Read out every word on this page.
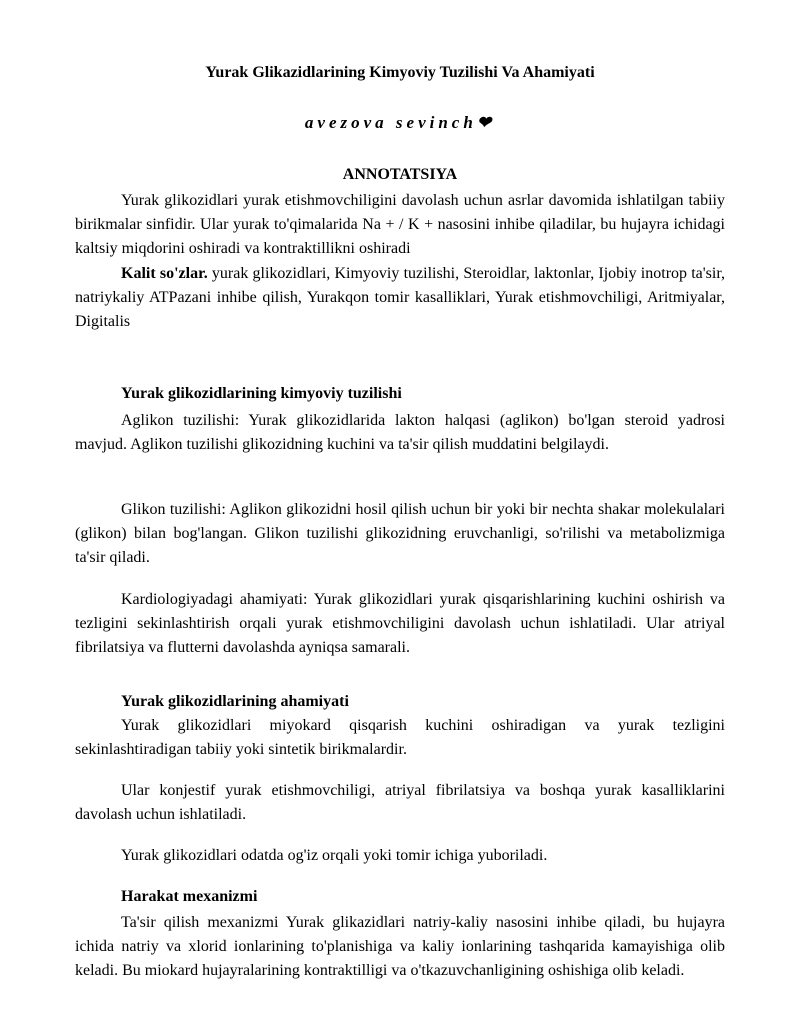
Yurak Glikazidlarining Kimyoviy Tuzilishi Va Ahamiyati

avezova sevinch❤

ANNOTATSIYA

Yurak glikozidlari yurak etishmovchiligini davolash uchun asrlar davomida ishlatilgan tabiiy birikmalar sinfidir. Ular yurak to'qimalarida Na + / K + nasosini inhibe qiladilar, bu hujayra ichidagi kaltsiy miqdorini oshiradi va kontraktillikni oshiradi

Kalit so'zlar. yurak glikozidlari, Kimyoviy tuzilishi, Steroidlar, laktonlar, Ijobiy inotrop ta'sir, natriykaliy ATPazani inhibe qilish, Yurakqon tomir kasalliklari, Yurak etishmovchiligi, Aritmiyalar, Digitalis

Yurak glikozidlarining kimyoviy tuzilishi

Aglikon tuzilishi: Yurak glikozidlarida lakton halqasi (aglikon) bo'lgan steroid yadrosi mavjud. Aglikon tuzilishi glikozidning kuchini va ta'sir qilish muddatini belgilaydi.

Glikon tuzilishi: Aglikon glikozidni hosil qilish uchun bir yoki bir nechta shakar molekulalari (glikon) bilan bog'langan. Glikon tuzilishi glikozidning eruvchanligi, so'rilishi va metabolizmiga ta'sir qiladi.

Kardiologiyadagi ahamiyati: Yurak glikozidlari yurak qisqarishlarining kuchini oshirish va tezligini sekinlashtirish orqali yurak etishmovchiligini davolash uchun ishlatiladi. Ular atriyal fibrilatsiya va flutterni davolashda ayniqsa samarali.

Yurak glikozidlarining ahamiyati

Yurak glikozidlari miyokard qisqarish kuchini oshiradigan va yurak tezligini sekinlashtiradigan tabiiy yoki sintetik birikmalardir.

Ular konjestif yurak etishmovchiligi, atriyal fibrilatsiya va boshqa yurak kasalliklarini davolash uchun ishlatiladi.

Yurak glikozidlari odatda og'iz orqali yoki tomir ichiga yuboriladi.

Harakat mexanizmi

Ta'sir qilish mexanizmi Yurak glikazidlari natriy-kaliy nasosini inhibe qiladi, bu hujayra ichida natriy va xlorid ionlarining to'planishiga va kaliy ionlarining tashqarida kamayishiga olib keladi. Bu miokard hujayralarining kontraktilligi va o'tkazuvchanligining oshishiga olib keladi.
